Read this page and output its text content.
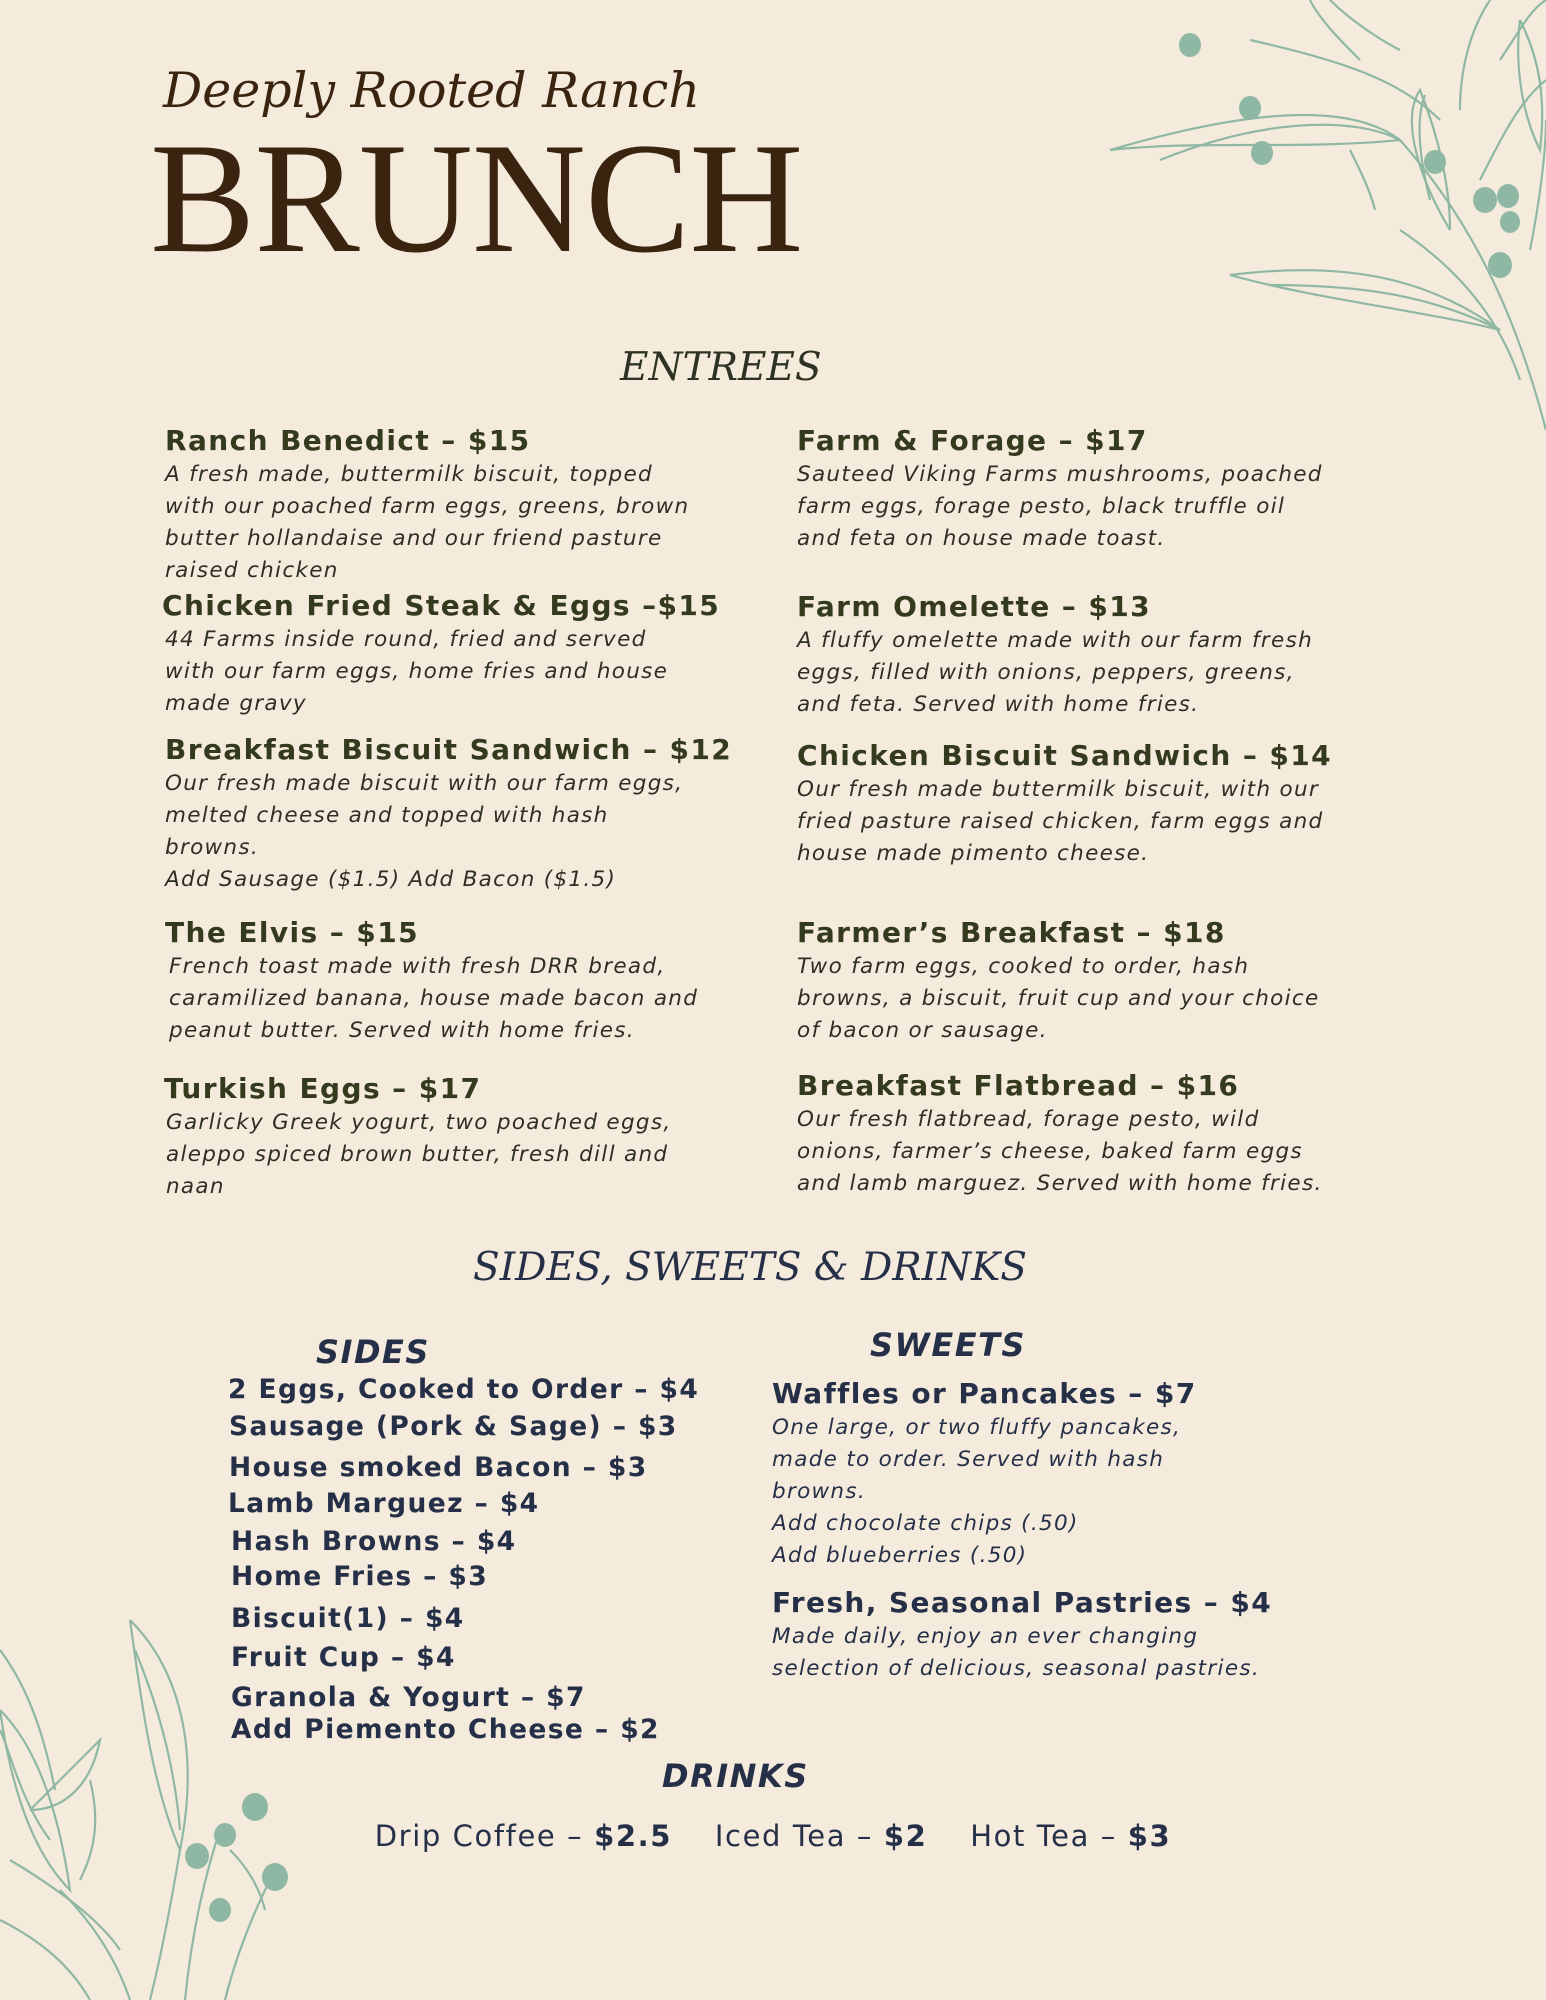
Deeply Rooted Ranch
BRUNCH
ENTREES
Ranch Benedict – $15
A fresh made, buttermilk biscuit, topped
with our poached farm eggs, greens, brown
butter hollandaise and our friend pasture
raised chicken
Chicken Fried Steak & Eggs –$15
44 Farms inside round, fried and served
with our farm eggs, home fries and house
made gravy
Breakfast Biscuit Sandwich – $12
Our fresh made biscuit with our farm eggs,
melted cheese and topped with hash
browns.
Add Sausage ($1.5) Add Bacon ($1.5)
The Elvis – $15
French toast made with fresh DRR bread,
caramilized banana, house made bacon and
peanut butter. Served with home fries.
Turkish Eggs – $17
Garlicky Greek yogurt, two poached eggs,
aleppo spiced brown butter, fresh dill and
naan
Farm & Forage – $17
Sauteed Viking Farms mushrooms, poached
farm eggs, forage pesto, black truffle oil
and feta on house made toast.
Farm Omelette – $13
A fluffy omelette made with our farm fresh
eggs, filled with onions, peppers, greens,
and feta. Served with home fries.
Chicken Biscuit Sandwich – $14
Our fresh made buttermilk biscuit, with our
fried pasture raised chicken, farm eggs and
house made pimento cheese.
Farmer’s Breakfast – $18
Two farm eggs, cooked to order, hash
browns, a biscuit, fruit cup and your choice
of bacon or sausage.
Breakfast Flatbread – $16
Our fresh flatbread, forage pesto, wild
onions, farmer’s cheese, baked farm eggs
and lamb marguez. Served with home fries.
SIDES, SWEETS & DRINKS
SIDES
2 Eggs, Cooked to Order – $4
Sausage (Pork & Sage) – $3
House smoked Bacon – $3
Lamb Marguez – $4
Hash Browns – $4
Home Fries – $3
Biscuit(1) – $4
Fruit Cup – $4
Granola & Yogurt – $7
Add Piemento Cheese – $2
SWEETS
Waffles or Pancakes – $7
One large, or two fluffy pancakes,
made to order. Served with hash
browns.
Add chocolate chips (.50)
Add blueberries (.50)
Fresh, Seasonal Pastries – $4
Made daily, enjoy an ever changing
selection of delicious, seasonal pastries.
DRINKS
Drip Coffee – $2.5 Iced Tea – $2 Hot Tea – $3
